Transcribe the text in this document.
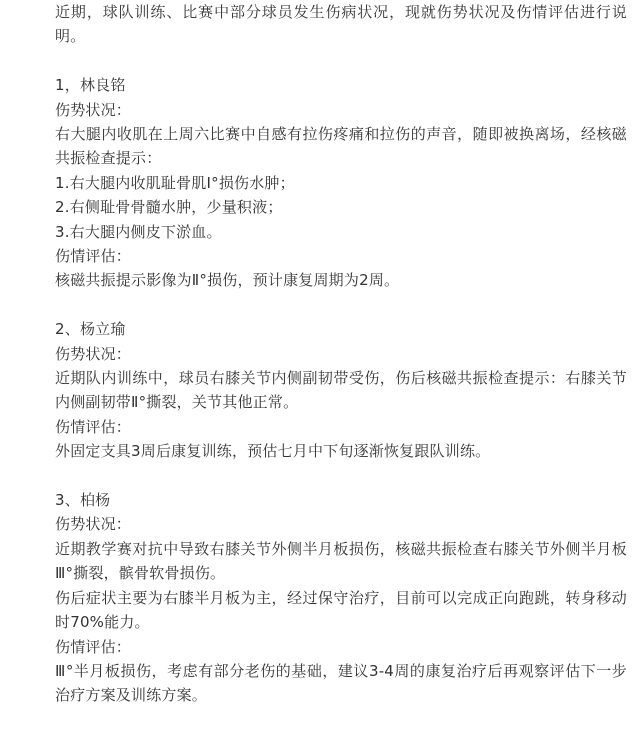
近期，球队训练、比赛中部分球员发生伤病状况，现就伤势状况及伤情评估进行说明。

1，林良铭

伤势状况：

右大腿内收肌在上周六比赛中自感有拉伤疼痛和拉伤的声音，随即被换离场，经核磁共振检查提示：

1.右大腿内收肌耻骨肌Ⅰ°损伤水肿；

2.右侧耻骨骨髓水肿，少量积液；

3.右大腿内侧皮下淤血。

伤情评估：

核磁共振提示影像为Ⅱ°损伤，预计康复周期为2周。

2、杨立瑜

伤势状况：

近期队内训练中，球员右膝关节内侧副韧带受伤，伤后核磁共振检查提示：右膝关节内侧副韧带Ⅱ°撕裂，关节其他正常。

伤情评估：

外固定支具3周后康复训练，预估七月中下旬逐渐恢复跟队训练。

3、柏杨

伤势状况：

近期教学赛对抗中导致右膝关节外侧半月板损伤，核磁共振检查右膝关节外侧半月板Ⅲ°撕裂，髌骨软骨损伤。

伤后症状主要为右膝半月板为主，经过保守治疗，目前可以完成正向跑跳，转身移动时70%能力。

伤情评估：

Ⅲ°半月板损伤，考虑有部分老伤的基础，建议3-4周的康复治疗后再观察评估下一步治疗方案及训练方案。
